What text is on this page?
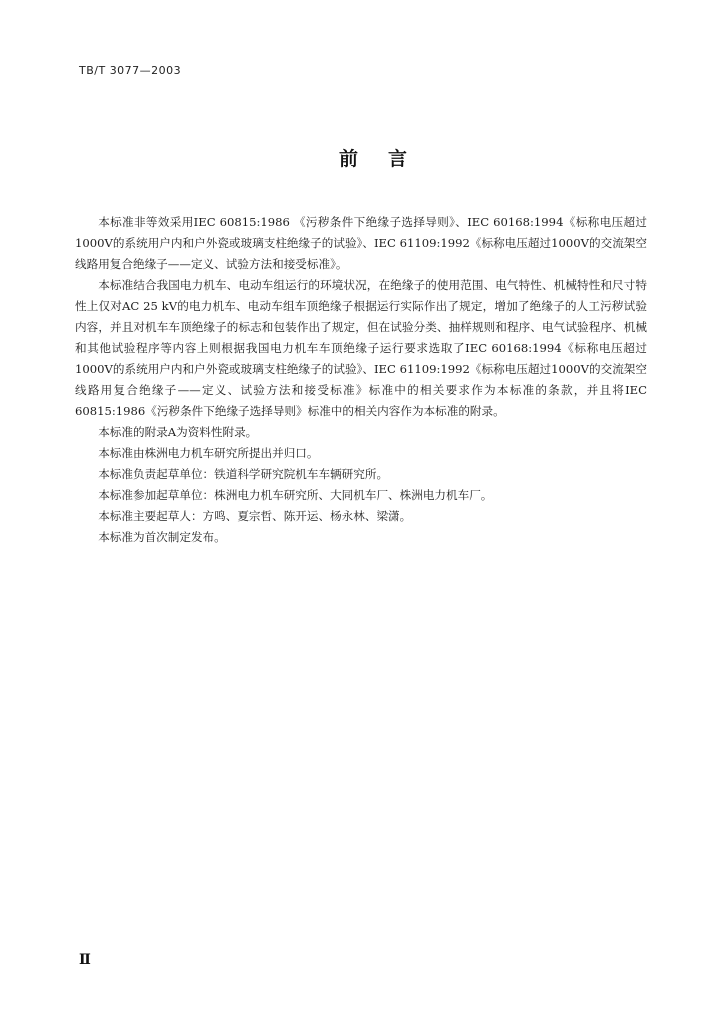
TB/T 3077—2003
前言

本标准非等效采用IEC 60815:1986 《污秽条件下绝缘子选择导则》、IEC 60168:1994《标称电压超过1000V的系统用户内和户外瓷或玻璃支柱绝缘子的试验》、IEC 61109:1992《标称电压超过1000V的交流架空线路用复合绝缘子——定义、试验方法和接受标准》。

本标准结合我国电力机车、电动车组运行的环境状况，在绝缘子的使用范围、电气特性、机械特性和尺寸特性上仅对AC 25 kV的电力机车、电动车组车顶绝缘子根据运行实际作出了规定，增加了绝缘子的人工污秽试验内容，并且对机车车顶绝缘子的标志和包装作出了规定，但在试验分类、抽样规则和程序、电气试验程序、机械和其他试验程序等内容上则根据我国电力机车车顶绝缘子运行要求选取了IEC 60168:1994《标称电压超过1000V的系统用户内和户外瓷或玻璃支柱绝缘子的试验》、IEC 61109:1992《标称电压超过1000V的交流架空线路用复合绝缘子——定义、试验方法和接受标准》标准中的相关要求作为本标准的条款，并且将IEC 60815:1986《污秽条件下绝缘子选择导则》标准中的相关内容作为本标准的附录。

本标准的附录A为资料性附录。

本标准由株洲电力机车研究所提出并归口。

本标准负责起草单位：铁道科学研究院机车车辆研究所。

本标准参加起草单位：株洲电力机车研究所、大同机车厂、株洲电力机车厂。

本标准主要起草人：方鸣、夏宗哲、陈开运、杨永林、梁潇。

本标准为首次制定发布。

Ⅱ
